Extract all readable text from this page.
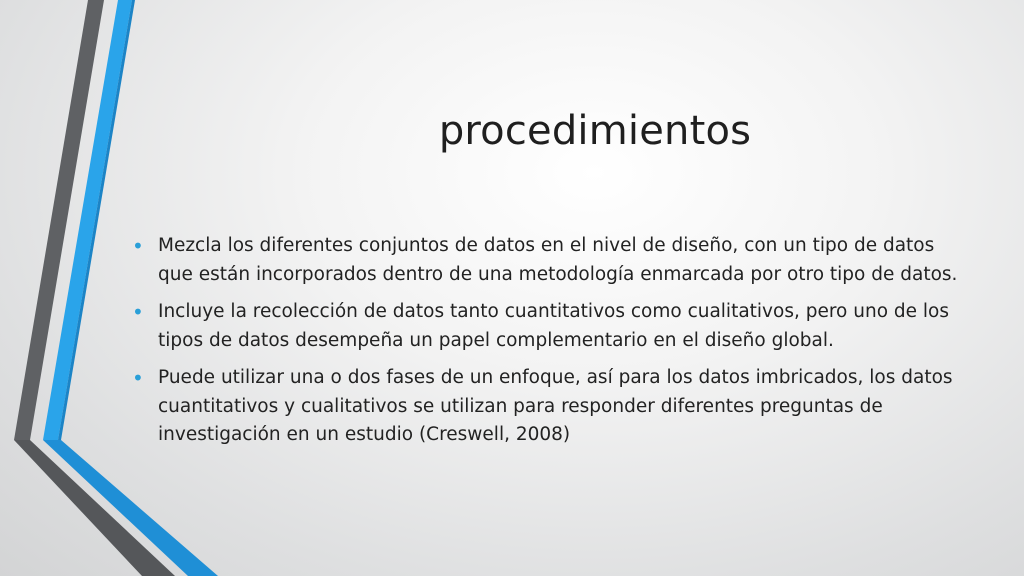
procedimientos
• Mezcla los diferentes conjuntos de datos en el nivel de diseño, con un tipo de datos que están incorporados dentro de una metodología enmarcada por otro tipo de datos.
• Incluye la recolección de datos tanto cuantitativos como cualitativos, pero uno de los tipos de datos desempeña un papel complementario en el diseño global.
• Puede utilizar una o dos fases de un enfoque, así para los datos imbricados, los datos cuantitativos y cualitativos se utilizan para responder diferentes preguntas de investigación en un estudio (Creswell, 2008)
